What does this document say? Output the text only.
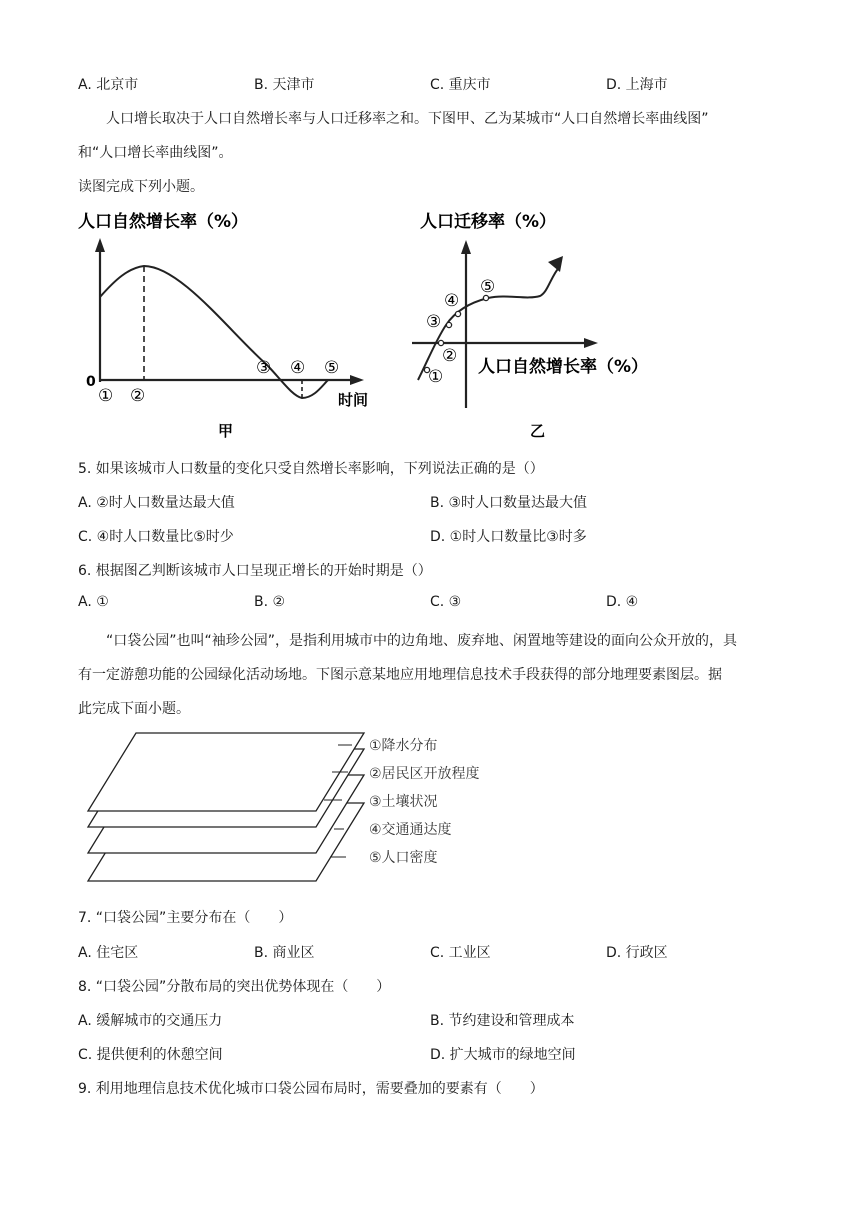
A. 北京市	B. 天津市	C. 重庆市	D. 上海市
人口增长取决于人口自然增长率与人口迁移率之和。下图甲、乙为某城市“人口自然增长率曲线图”
和“人口增长率曲线图”。
读图完成下列小题。
人口自然增长率（%）
0
时间
① ②
③ ④ ⑤
甲
人口迁移率（%）
人口自然增长率（%）
①
②
③
④
⑤
乙
5. 如果该城市人口数量的变化只受自然增长率影响，下列说法正确的是（）
A. ②时人口数量达最大值	B. ③时人口数量达最大值
C. ④时人口数量比⑤时少	D. ①时人口数量比③时多
6. 根据图乙判断该城市人口呈现正增长的开始时期是（）
A. ①	B. ②	C. ③	D. ④
“口袋公园”也叫“袖珍公园”，是指利用城市中的边角地、废弃地、闲置地等建设的面向公众开放的，具
有一定游憩功能的公园绿化活动场地。下图示意某地应用地理信息技术手段获得的部分地理要素图层。据
此完成下面小题。
①降水分布
②居民区开放程度
③土壤状况
④交通通达度
⑤人口密度
7. “口袋公园”主要分布在（　　）
A. 住宅区	B. 商业区	C. 工业区	D. 行政区
8. “口袋公园”分散布局的突出优势体现在（　　）
A. 缓解城市的交通压力	B. 节约建设和管理成本
C. 提供便利的休憩空间	D. 扩大城市的绿地空间
9. 利用地理信息技术优化城市口袋公园布局时，需要叠加的要素有（　　）
